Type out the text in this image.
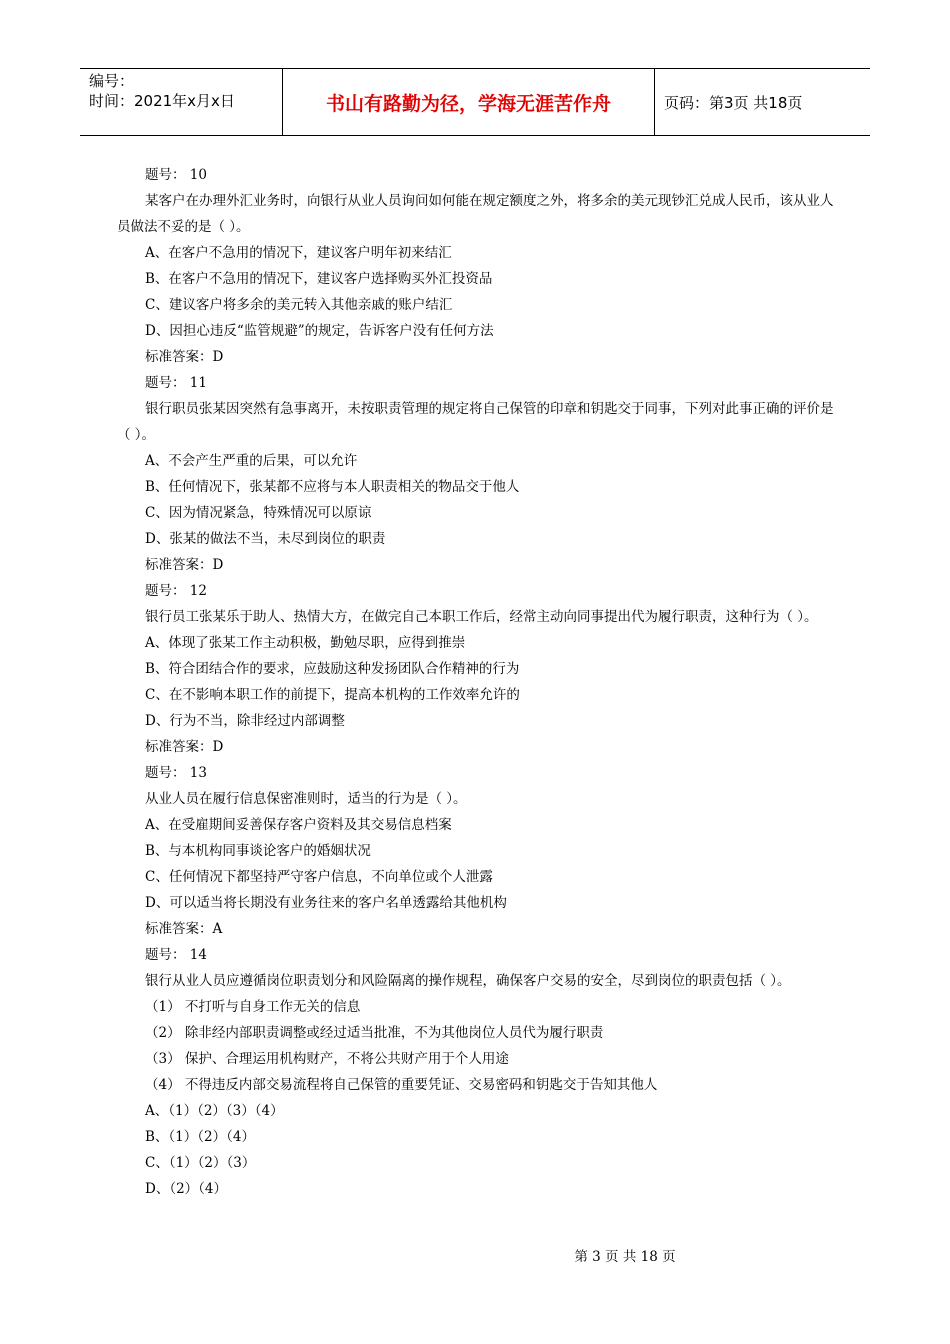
编号：
时间：2021年x月x日	书山有路勤为径，学海无涯苦作舟	页码：第3页 共18页

题号： 10

某客户在办理外汇业务时，向银行从业人员询问如何能在规定额度之外，将多余的美元现钞汇兑成人民币，该从业人员做法不妥的是（ ）。

A、在客户不急用的情况下，建议客户明年初来结汇

B、在客户不急用的情况下，建议客户选择购买外汇投资品

C、建议客户将多余的美元转入其他亲戚的账户结汇

D、因担心违反“监管规避”的规定，告诉客户没有任何方法

标准答案：D

题号： 11

银行职员张某因突然有急事离开，未按职责管理的规定将自己保管的印章和钥匙交于同事，下列对此事正确的评价是（ ）。

A、不会产生严重的后果，可以允许

B、任何情况下，张某都不应将与本人职责相关的物品交于他人

C、因为情况紧急，特殊情况可以原谅

D、张某的做法不当，未尽到岗位的职责

标准答案：D

题号： 12

银行员工张某乐于助人、热情大方，在做完自己本职工作后，经常主动向同事提出代为履行职责，这种行为（ ）。

A、体现了张某工作主动积极，勤勉尽职，应得到推崇

B、符合团结合作的要求，应鼓励这种发扬团队合作精神的行为

C、在不影响本职工作的前提下，提高本机构的工作效率允许的

D、行为不当，除非经过内部调整

标准答案：D

题号： 13

从业人员在履行信息保密准则时，适当的行为是（ ）。

A、在受雇期间妥善保存客户资料及其交易信息档案

B、与本机构同事谈论客户的婚姻状况

C、任何情况下都坚持严守客户信息，不向单位或个人泄露

D、可以适当将长期没有业务往来的客户名单透露给其他机构

标准答案：A

题号： 14

银行从业人员应遵循岗位职责划分和风险隔离的操作规程，确保客户交易的安全，尽到岗位的职责包括（ ）。

（1） 不打听与自身工作无关的信息

（2） 除非经内部职责调整或经过适当批准，不为其他岗位人员代为履行职责

（3） 保护、合理运用机构财产，不将公共财产用于个人用途

（4） 不得违反内部交易流程将自己保管的重要凭证、交易密码和钥匙交于告知其他人

A、（1）（2）（3）（4）

B、（1）（2）（4）

C、（1）（2）（3）

D、（2）（4）

第 3 页 共 18 页
